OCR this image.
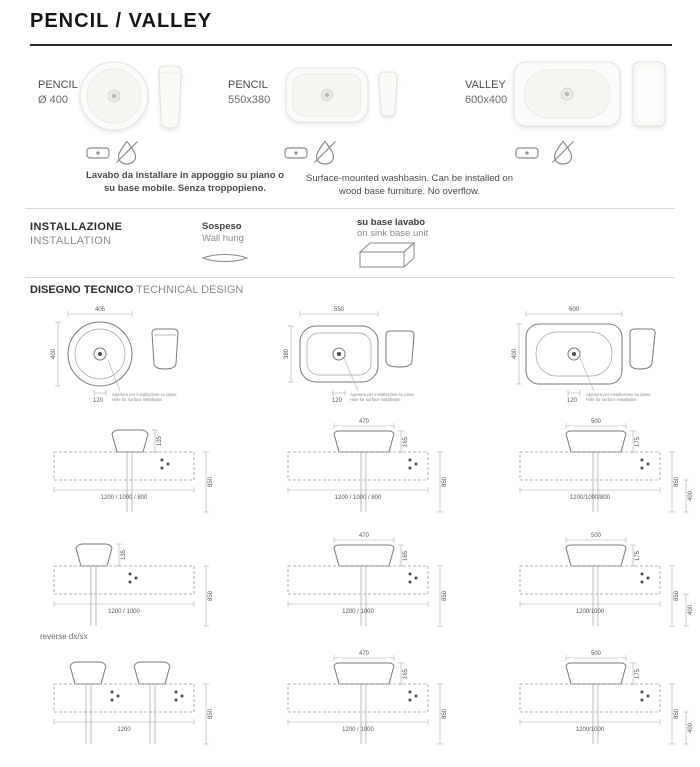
PENCIL / VALLEY
PENCIL
Ø 400
PENCIL
550x380
VALLEY
600x400
Lavabo da installare in appoggio su piano o su base mobile. Senza troppopieno.
Surface-mounted washbasin. Can be installed on wood base furniture. No overflow.
INSTALLAZIONE
INSTALLATION
Sospeso
Wall hung
su base lavabo
on sink base unit
DISEGNO TECNICO TECHNICAL DESIGN
405
400
120
Apertura per installazione su piano
Hole for surface installation
550
380
120
Apertura per installazione su piano
Hole for surface installation
600
400
120
Apertura per installazione su piano
Hole for surface installation
135
1200 / 1000 / 800
850
470
165
1200 / 1000 / 800
850
500
175
1200/1000/800
850
400
135
1200 / 1000
850
reverse dx/sx
470
165
1200 / 1000
850
500
175
1200/1000
850
400
1200
850
470
165
1200 / 1000
850
500
175
1200/1000
850
400
